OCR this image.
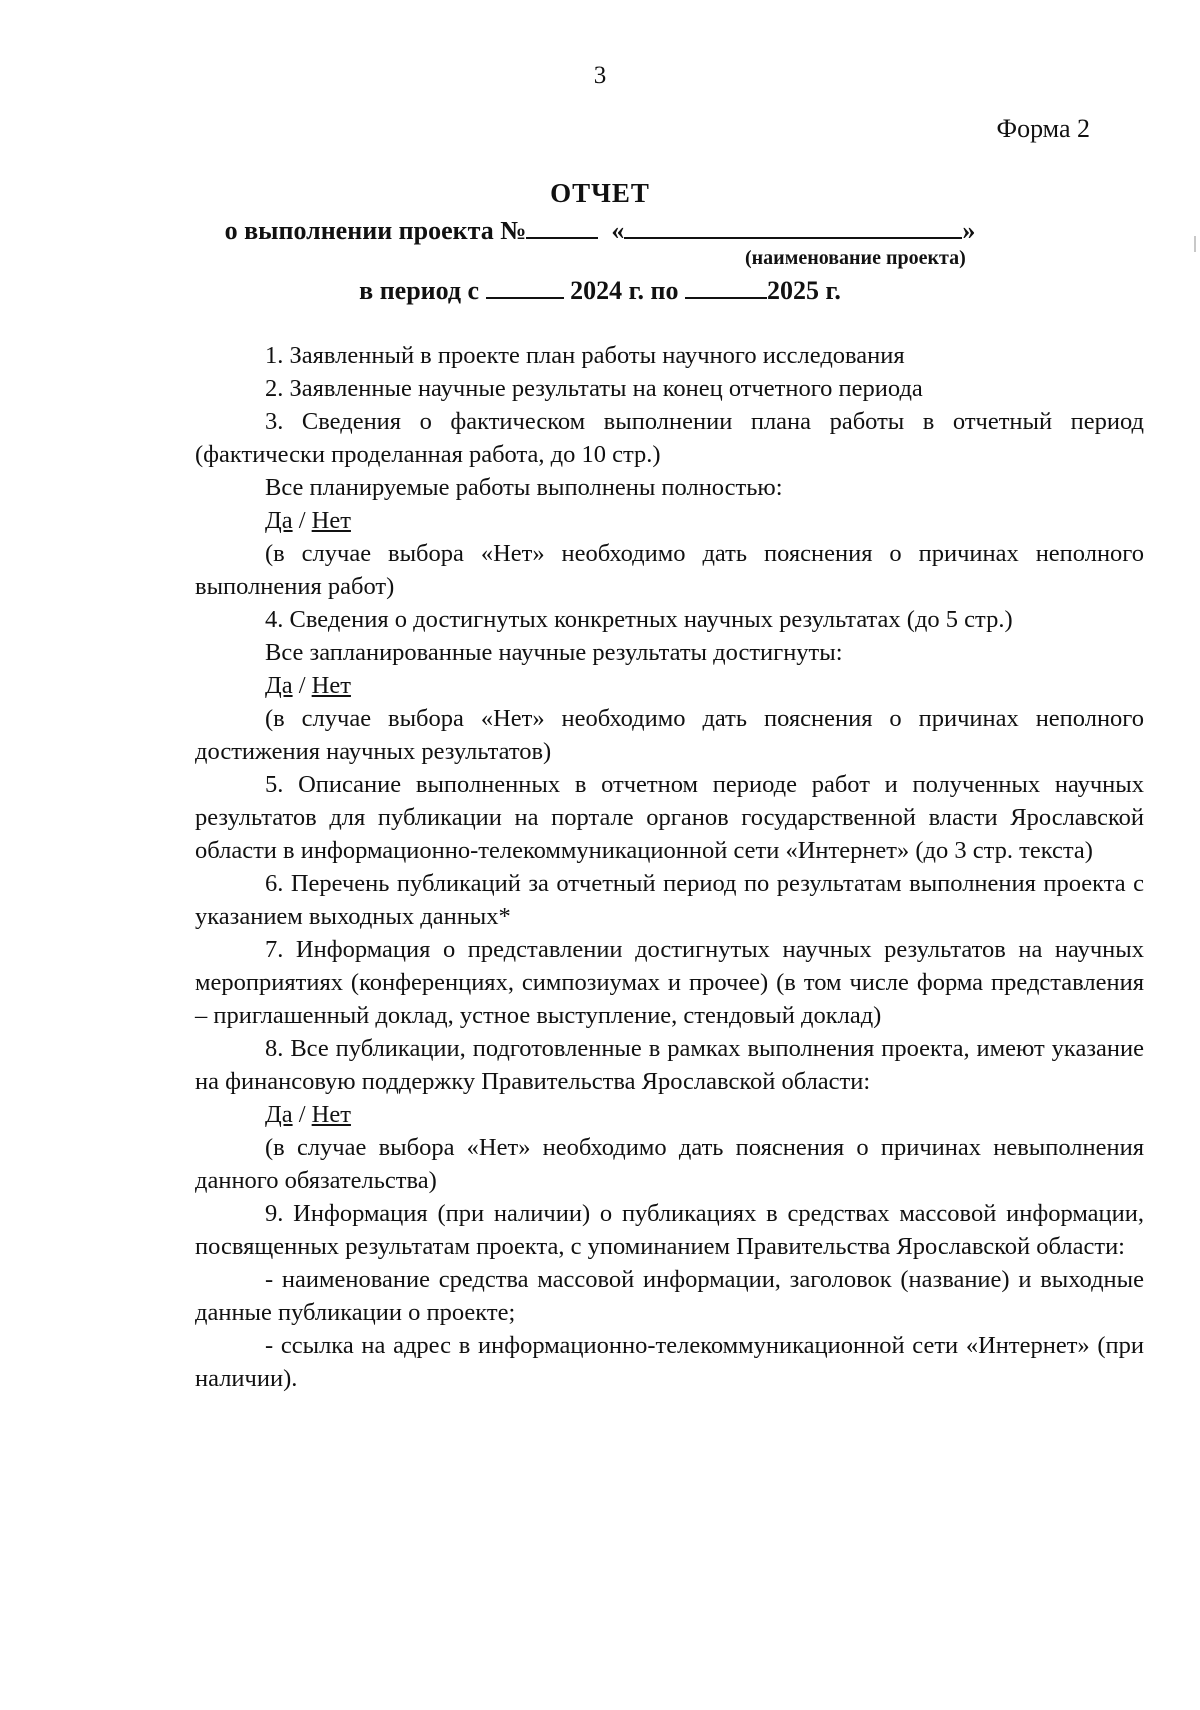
3
Форма 2
ОТЧЕТ
о выполнении проекта №	«	»
(наименование проекта)
в период с	2024 г. по	2025 г.

1. Заявленный в проекте план работы научного исследования

2. Заявленные научные результаты на конец отчетного периода

3. Сведения о фактическом выполнении плана работы в отчетный период (фактически проделанная работа, до 10 стр.)

Все планируемые работы выполнены полностью:

Да / Нет

(в случае выбора «Нет» необходимо дать пояснения о причинах неполного выполнения работ)

4. Сведения о достигнутых конкретных научных результатах (до 5 стр.)

Все запланированные научные результаты достигнуты:

Да / Нет

(в случае выбора «Нет» необходимо дать пояснения о причинах неполного достижения научных результатов)

5. Описание выполненных в отчетном периоде работ и полученных научных результатов для публикации на портале органов государственной власти Ярославской области в информационно-телекоммуникационной сети «Интернет» (до 3 стр. текста)

6. Перечень публикаций за отчетный период по результатам выполнения проекта с указанием выходных данных*

7. Информация о представлении достигнутых научных результатов на научных мероприятиях (конференциях, симпозиумах и прочее) (в том числе форма представления – приглашенный доклад, устное выступление, стендовый доклад)

8. Все публикации, подготовленные в рамках выполнения проекта, имеют указание на финансовую поддержку Правительства Ярославской области:

Да / Нет

(в случае выбора «Нет» необходимо дать пояснения о причинах невыполнения данного обязательства)

9. Информация (при наличии) о публикациях в средствах массовой информации, посвященных результатам проекта, с упоминанием Правительства Ярославской области:

- наименование средства массовой информации, заголовок (название) и выходные данные публикации о проекте;

- ссылка на адрес в информационно-телекоммуникационной сети «Интернет» (при наличии).
